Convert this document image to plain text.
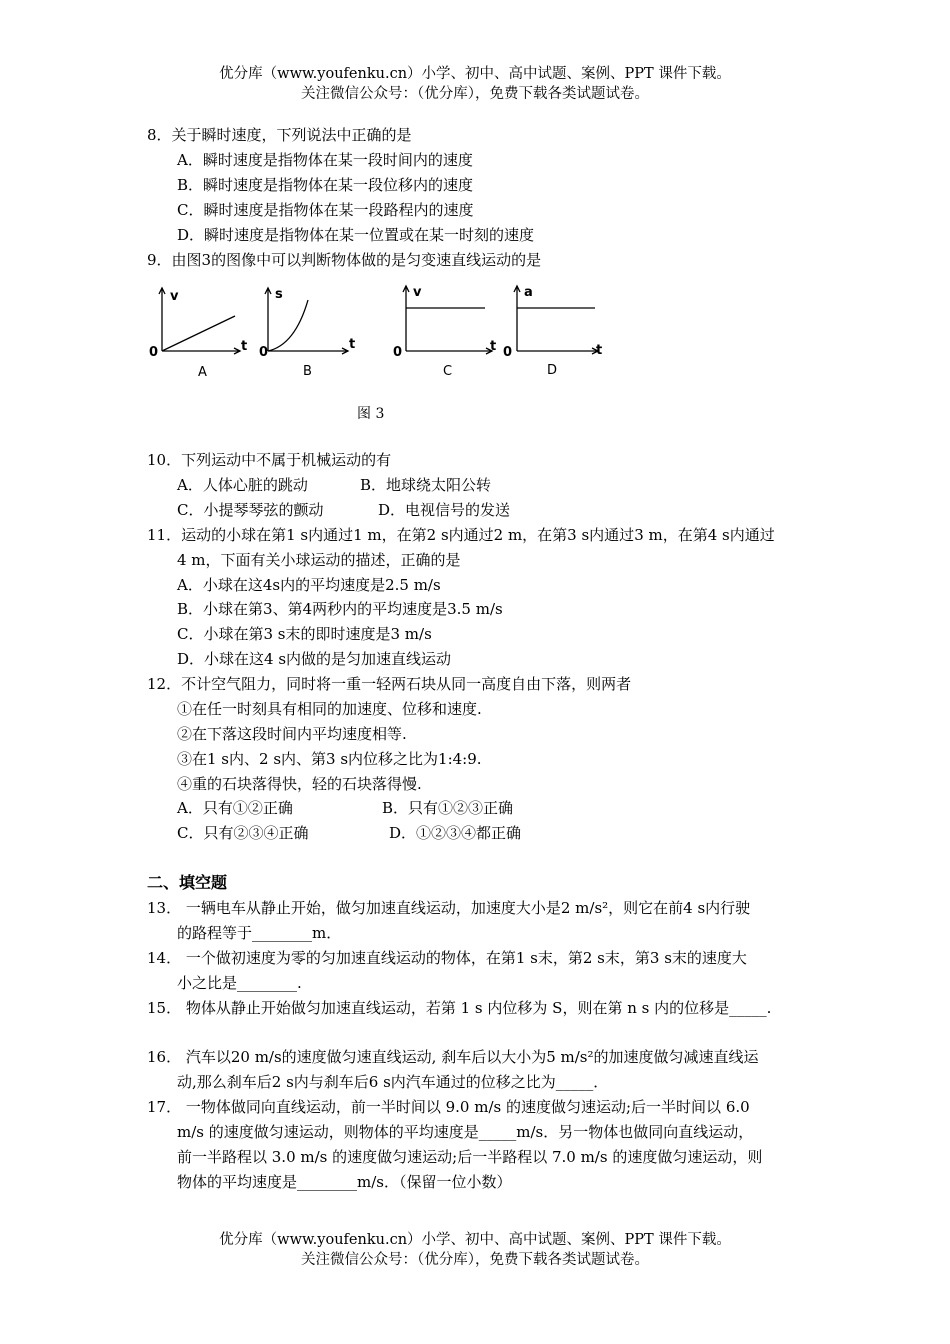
优分库（www.youfenku.cn）小学、初中、高中试题、案例、PPT 课件下载。
关注微信公众号：（优分库），免费下载各类试题试卷。
8．关于瞬时速度，下列说法中正确的是
A．瞬时速度是指物体在某一段时间内的速度
B．瞬时速度是指物体在某一段位移内的速度
C．瞬时速度是指物体在某一段路程内的速度
D．瞬时速度是指物体在某一位置或在某一时刻的速度
9．由图3的图像中可以判断物体做的是匀变速直线运动的是
v
t
0
s
t
0
v
t
0
a
t
0
A	B	C	D
图 3
10．下列运动中不属于机械运动的有
A．人体心脏的跳动	B．地球绕太阳公转
C．小提琴琴弦的颤动	D．电视信号的发送
11．运动的小球在第1 s内通过1 m，在第2 s内通过2 m，在第3 s内通过3 m，在第4 s内通过
4 m，下面有关小球运动的描述，正确的是
A．小球在这4s内的平均速度是2.5 m/s
B．小球在第3、第4两秒内的平均速度是3.5 m/s
C．小球在第3 s末的即时速度是3 m/s
D．小球在这4 s内做的是匀加速直线运动
12．不计空气阻力，同时将一重一轻两石块从同一高度自由下落，则两者
①在任一时刻具有相同的加速度、位移和速度.
②在下落这段时间内平均速度相等.
③在1 s内、2 s内、第3 s内位移之比为1:4:9.
④重的石块落得快，轻的石块落得慢.
A．只有①②正确	B．只有①②③正确
C．只有②③④正确	D．①②③④都正确
二、填空题
13． 一辆电车从静止开始，做匀加速直线运动，加速度大小是2 m/s²，则它在前4 s内行驶
的路程等于________m．
14． 一个做初速度为零的匀加速直线运动的物体，在第1 s末，第2 s末，第3 s末的速度大
小之比是________.
15． 物体从静止开始做匀加速直线运动，若第 1 s 内位移为 S，则在第 n s 内的位移是_____.
16． 汽车以20 m/s的速度做匀速直线运动, 刹车后以大小为5 m/s²的加速度做匀减速直线运
动,那么刹车后2 s内与刹车后6 s内汽车通过的位移之比为_____．
17． 一物体做同向直线运动，前一半时间以 9.0 m/s 的速度做匀速运动;后一半时间以 6.0
m/s 的速度做匀速运动，则物体的平均速度是_____m/s．另一物体也做同向直线运动，
前一半路程以 3.0 m/s 的速度做匀速运动;后一半路程以 7.0 m/s 的速度做匀速运动，则
物体的平均速度是________m/s．（保留一位小数）
优分库（www.youfenku.cn）小学、初中、高中试题、案例、PPT 课件下载。
关注微信公众号：（优分库），免费下载各类试题试卷。
